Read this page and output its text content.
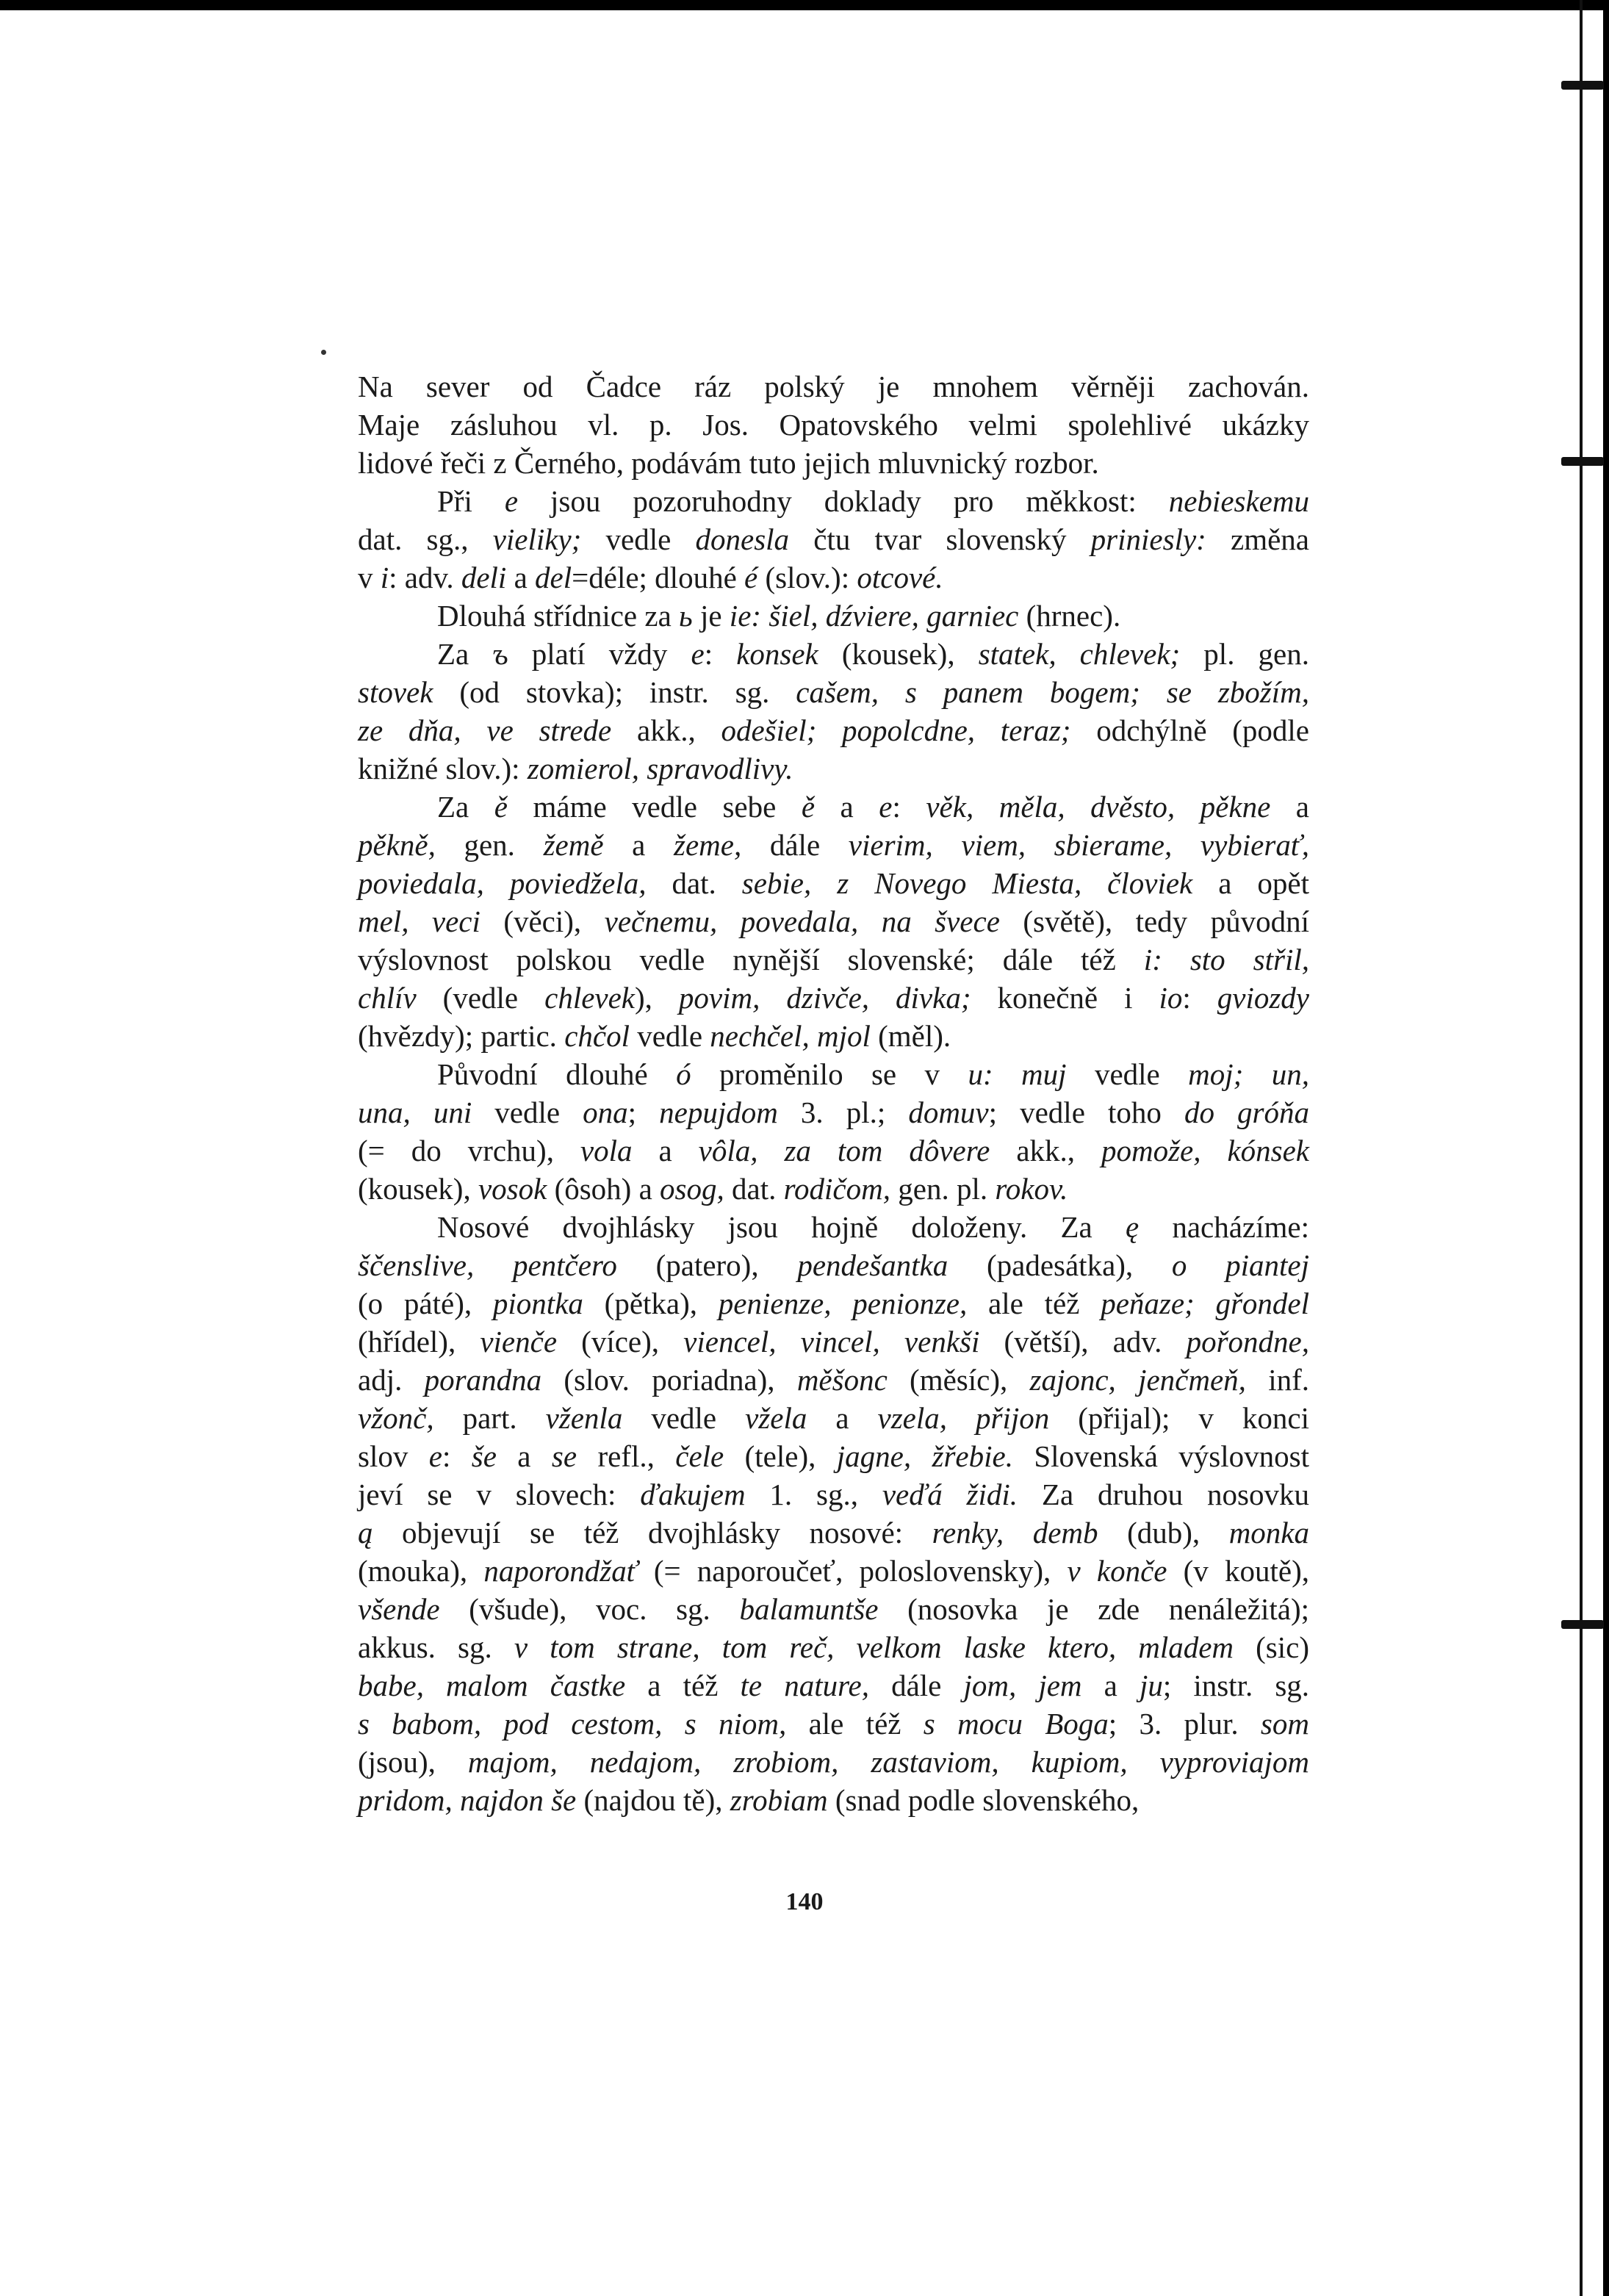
Na sever od Čadce ráz polský je mnohem věrněji zachován.
Maje zásluhou vl. p. Jos. Opatovského velmi spolehlivé ukázky
lidové řeči z Černého, podávám tuto jejich mluvnický rozbor.
Při e jsou pozoruhodny doklady pro měkkost: nebieskemu
dat. sg., vieliky; vedle donesla čtu tvar slovenský priniesly: změna
v i: adv. deli a del=déle; dlouhé é (slov.): otcové.
Dlouhá střídnice za ь je ie: šiel, dźviere, garniec (hrnec).
Za ъ platí vždy e: konsek (kousek), statek, chlevek; pl. gen.
stovek (od stovka); instr. sg. cašem, s panem bogem; se zbožím,
ze dňa, ve strede akk., odešiel; popolcdne, teraz; odchýlně (podle
knižné slov.): zomierol, spravodlivy.
Za ě máme vedle sebe ě a e: věk, měla, dvěsto, pěkne a
pěkně, gen. žemě a žeme, dále vierim, viem, sbierame, vybierať,
poviedala, poviedžela, dat. sebie, z Novego Miesta, človiek a opět
mel, veci (věci), večnemu, povedala, na švece (světě), tedy původní
výslovnost polskou vedle nynější slovenské; dále též i: sto střil,
chlív (vedle chlevek), povim, dzivče, divka; konečně i io: gviozdy
(hvězdy); partic. chčol vedle nechčel, mjol (měl).
Původní dlouhé ó proměnilo se v u: muj vedle moj; un,
una, uni vedle ona; nepujdom 3. pl.; domuv; vedle toho do gróňa
(= do vrchu), vola a vôla, za tom dôvere akk., pomože, kónsek
(kousek), vosok (ôsoh) a osog, dat. rodičom, gen. pl. rokov.
Nosové dvojhlásky jsou hojně doloženy. Za ę nacházíme:
ščenslive, pentčero (patero), pendešantka (padesátka), o piantej
(o páté), piontka (pětka), penienze, penionze, ale též peňaze; gřondel
(hřídel), vienče (více), viencel, vincel, venkši (větší), adv. pořondne,
adj. porandna (slov. poriadna), měšonc (měsíc), zajonc, jenčmeň, inf.
vžonč, part. vženla vedle vžela a vzela, přijon (přijal); v konci
slov e: še a se refl., čele (tele), jagne, žřebie. Slovenská výslovnost
jeví se v slovech: ďakujem 1. sg., veďá židi. Za druhou nosovku
ą objevují se též dvojhlásky nosové: renky, demb (dub), monka
(mouka), naporondžať (= naporoučeť, poloslovensky), v konče (v koutě),
všende (všude), voc. sg. balamuntše (nosovka je zde nenáležitá);
akkus. sg. v tom strane, tom reč, velkom laske ktero, mladem (sic)
babe, malom častke a též te nature, dále jom, jem a ju; instr. sg.
s babom, pod cestom, s niom, ale též s mocu Boga; 3. plur. som
(jsou), majom, nedajom, zrobiom, zastaviom, kupiom, vyproviajom
pridom, najdon še (najdou tě), zrobiam (snad podle slovenského,
140
